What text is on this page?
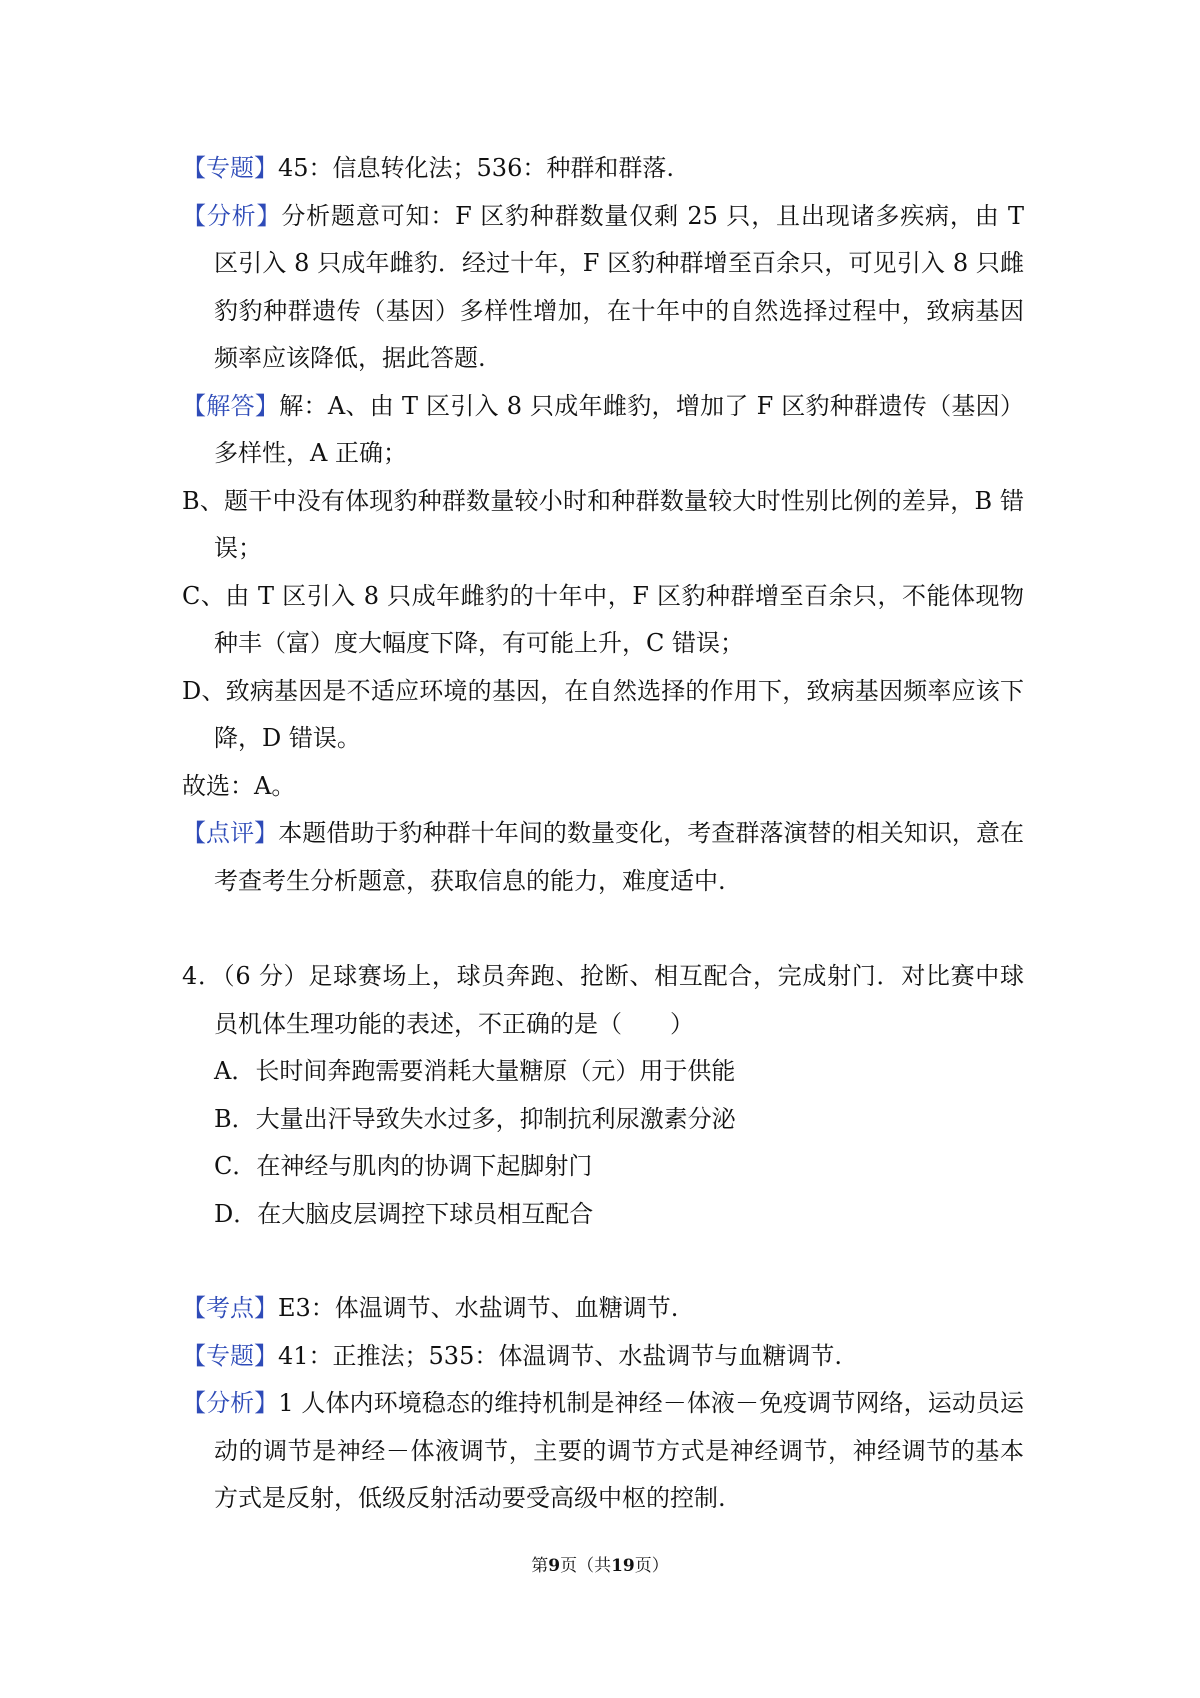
【专题】45：信息转化法；536：种群和群落.

【分析】分析题意可知：F 区豹种群数量仅剩 25 只，且出现诸多疾病，由 T 区引入 8 只成年雌豹．经过十年，F 区豹种群增至百余只，可见引入 8 只雌豹豹种群遗传（基因）多样性增加，在十年中的自然选择过程中，致病基因频率应该降低，据此答题.

【解答】解：A、由 T 区引入 8 只成年雌豹，增加了 F 区豹种群遗传（基因）多样性，A 正确；

B、题干中没有体现豹种群数量较小时和种群数量较大时性别比例的差异，B 错误；

C、由 T 区引入 8 只成年雌豹的十年中，F 区豹种群增至百余只，不能体现物种丰（富）度大幅度下降，有可能上升，C 错误；

D、致病基因是不适应环境的基因，在自然选择的作用下，致病基因频率应该下降，D 错误。

故选：A。

【点评】本题借助于豹种群十年间的数量变化，考查群落演替的相关知识，意在考查考生分析题意，获取信息的能力，难度适中.

4．（6 分）足球赛场上，球员奔跑、抢断、相互配合，完成射门．对比赛中球员机体生理功能的表述，不正确的是（　　）

A．长时间奔跑需要消耗大量糖原（元）用于供能

B．大量出汗导致失水过多，抑制抗利尿激素分泌

C．在神经与肌肉的协调下起脚射门

D．在大脑皮层调控下球员相互配合

【考点】E3：体温调节、水盐调节、血糖调节.

【专题】41：正推法；535：体温调节、水盐调节与血糖调节.

【分析】1 人体内环境稳态的维持机制是神经－体液－免疫调节网络，运动员运动的调节是神经－体液调节，主要的调节方式是神经调节，神经调节的基本方式是反射，低级反射活动要受高级中枢的控制.

第9页（共19页）
